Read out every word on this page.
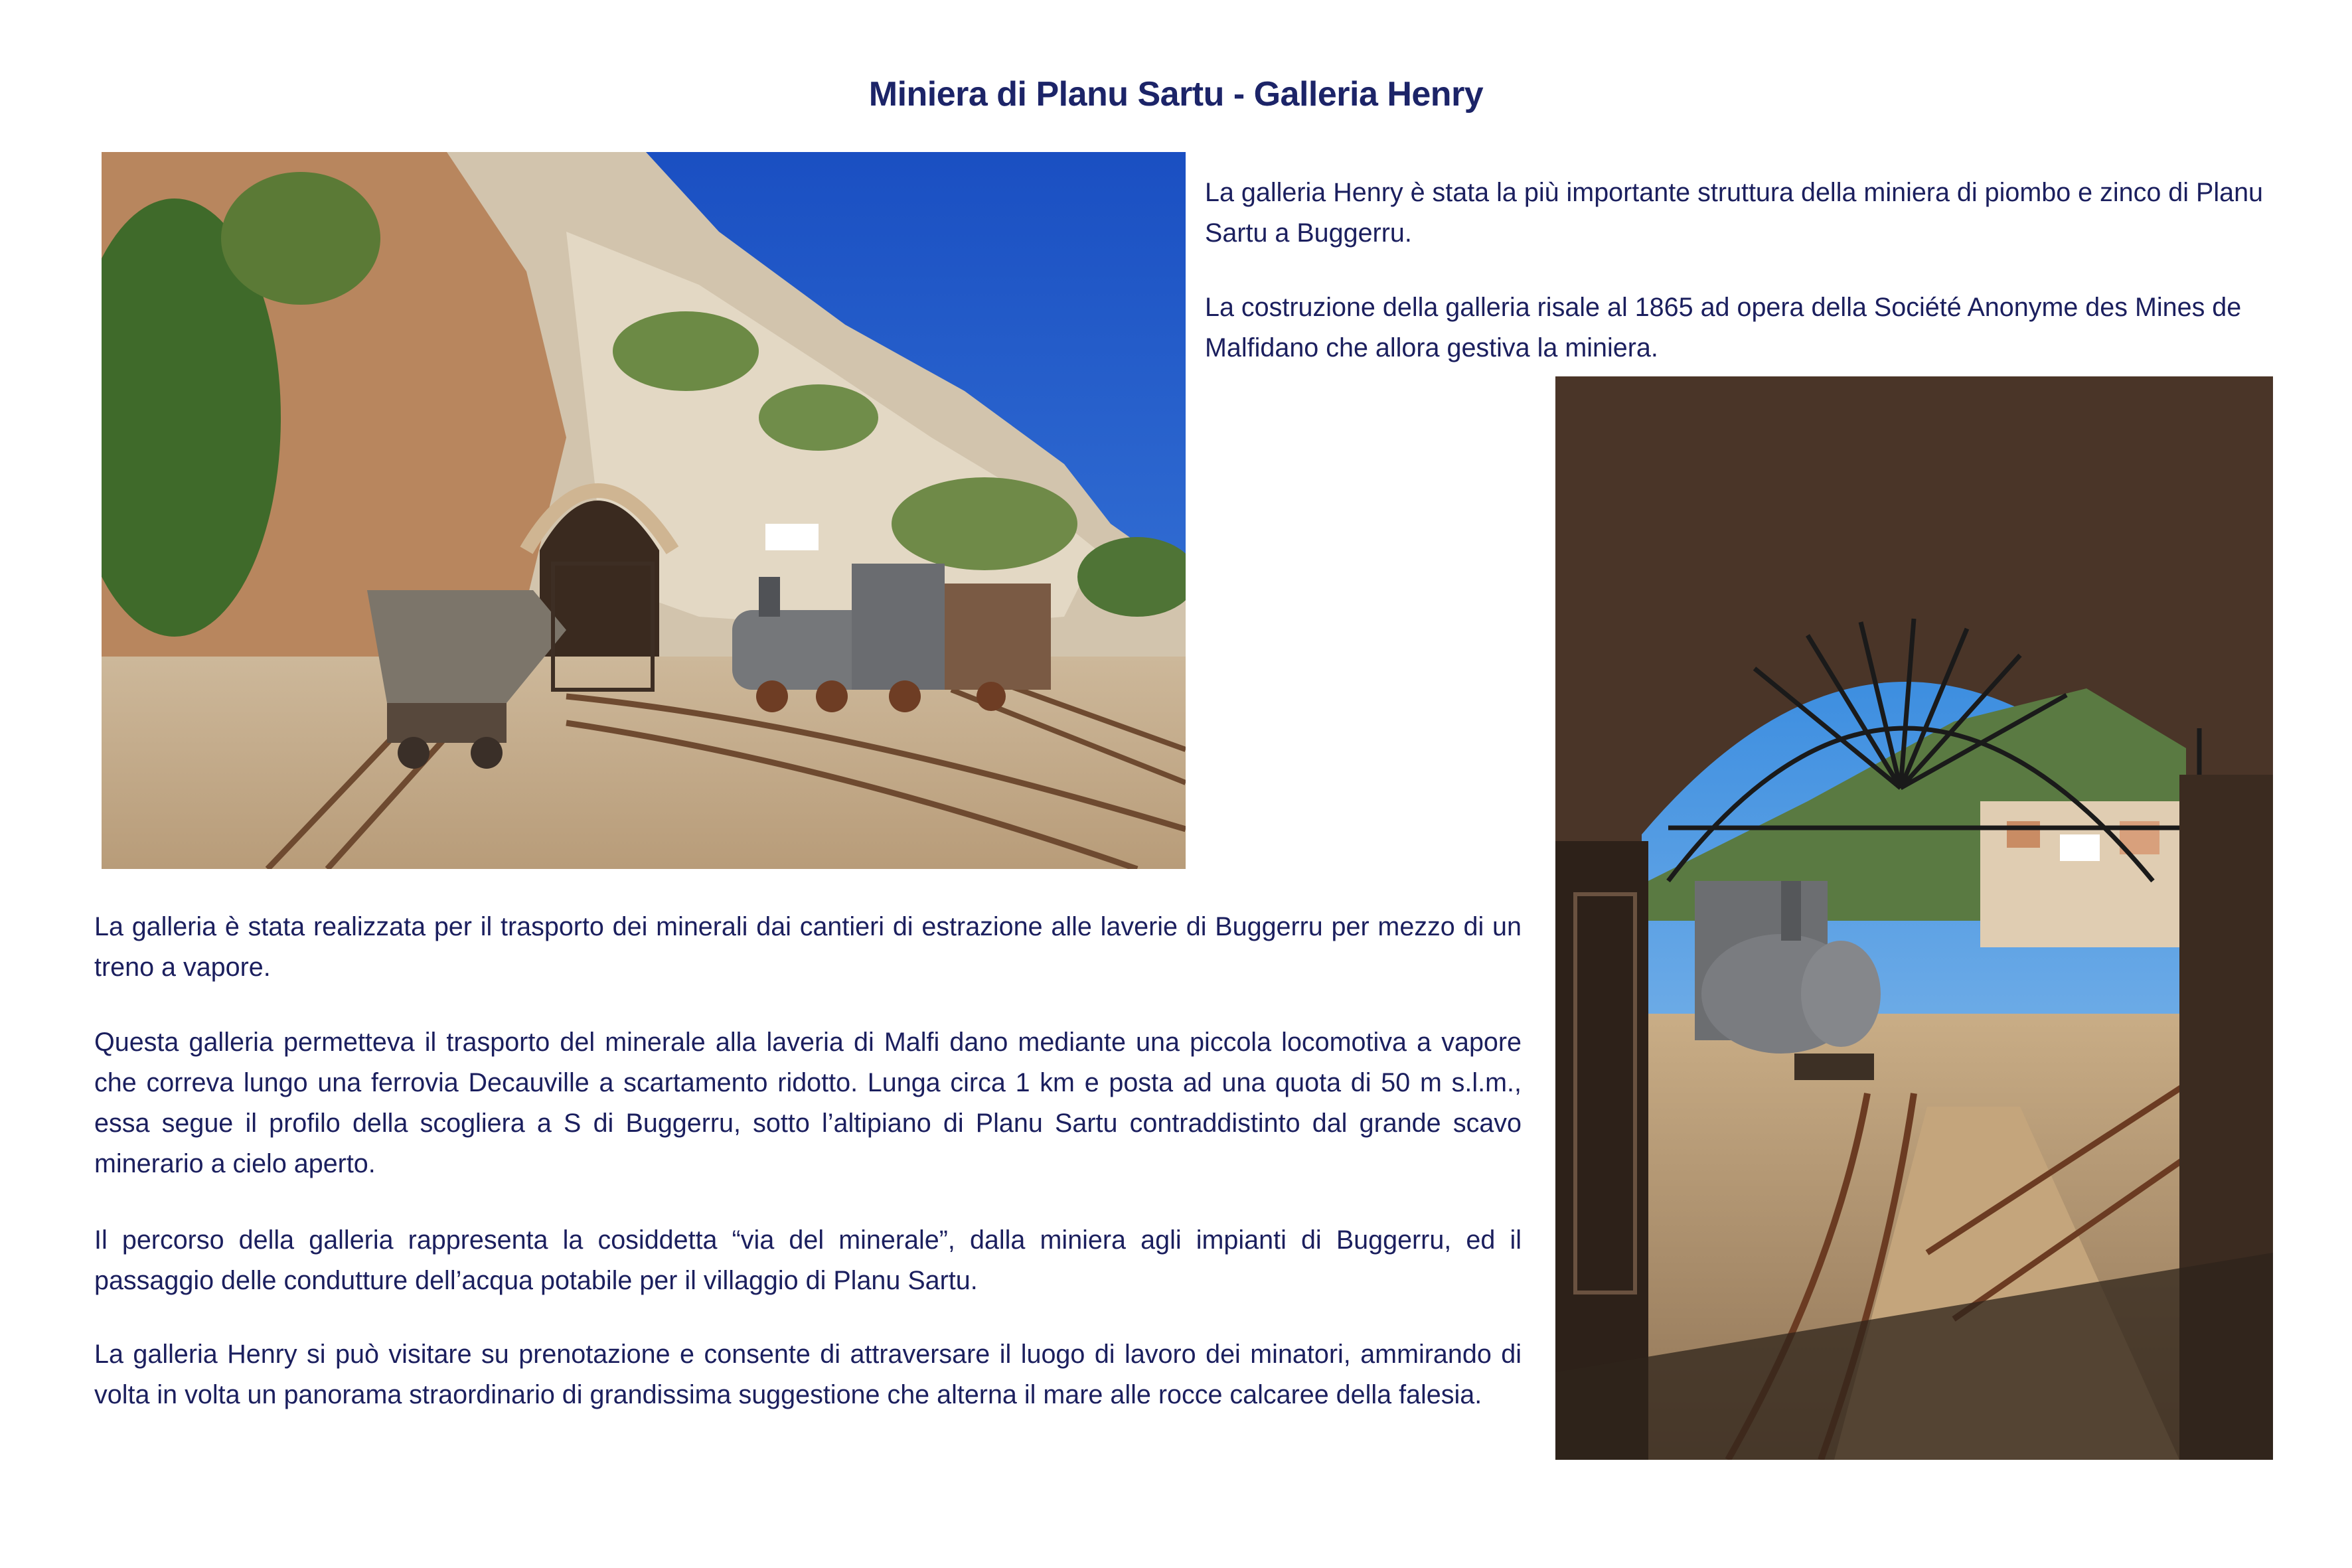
Miniera di Planu Sartu - Galleria Henry

La galleria Henry è stata la più importante struttura della miniera di piombo e zinco di Planu Sartu a Buggerru.

La costruzione della galleria risale al 1865 ad opera della Société Anonyme des Mines de Malfidano che allora gestiva la miniera.

La galleria è stata realizzata per il trasporto dei minerali dai cantieri di estrazione alle laverie di Buggerru per mezzo di un treno a vapore.

Questa galleria permetteva il trasporto del minerale alla laveria di Malfi dano mediante una piccola locomotiva a vapore che correva lungo una ferrovia Decauville a scartamento ridotto. Lunga circa 1 km e posta ad una quota di 50 m s.l.m., essa segue il profilo della scogliera a S di Buggerru, sotto l’altipiano di Planu Sartu contraddistinto dal grande scavo minerario a cielo aperto.

Il percorso della galleria rappresenta la cosiddetta “via del minerale”, dalla miniera agli impianti di Buggerru, ed il passaggio delle condutture dell’acqua potabile per il villaggio di Planu Sartu.

La galleria Henry si può visitare su prenotazione e consente di attraversare il luogo di lavoro dei minatori, ammirando di volta in volta un panorama straordinario di grandissima suggestione che alterna il mare alle rocce calcaree della falesia.
